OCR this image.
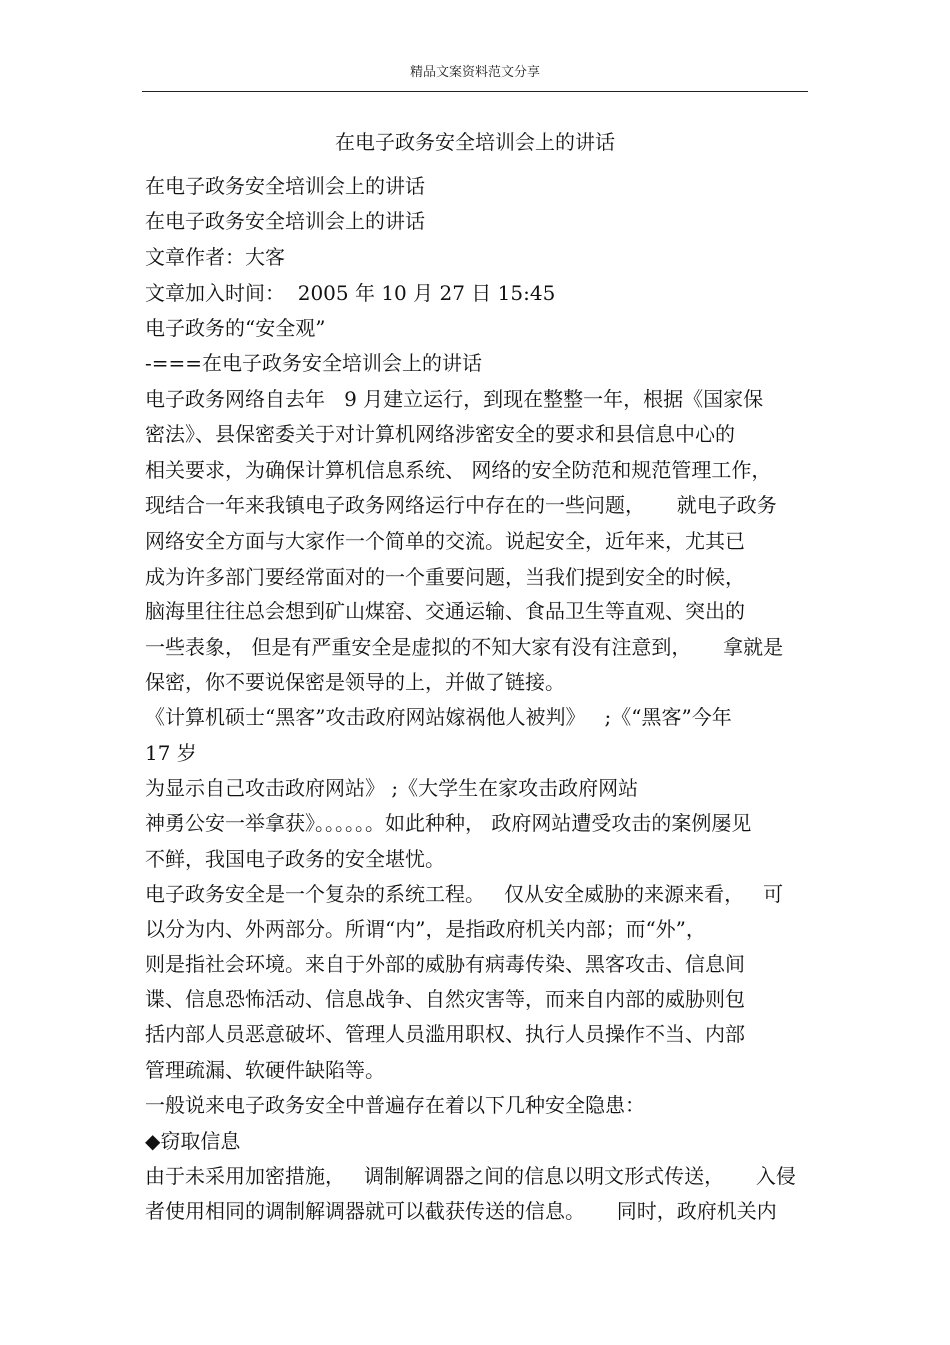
精品文案资料范文分享
在电子政务安全培训会上的讲话
在电子政务安全培训会上的讲话
在电子政务安全培训会上的讲话
文章作者：大客
文章加入时间：  2005 年 10 月 27 日 15:45
电子政务的“安全观”
-===在电子政务安全培训会上的讲话
电子政务网络自去年   9 月建立运行，到现在整整一年，根据《国家保
密法》、县保密委关于对计算机网络涉密安全的要求和县信息中心的
相关要求，为确保计算机信息系统、 网络的安全防范和规范管理工作，
现结合一年来我镇电子政务网络运行中存在的一些问题，     就电子政务
网络安全方面与大家作一个简单的交流。说起安全，近年来，尤其已
成为许多部门要经常面对的一个重要问题，当我们提到安全的时候，
脑海里往往总会想到矿山煤窑、交通运输、食品卫生等直观、突出的
一些表象， 但是有严重安全是虚拟的不知大家有没有注意到，     拿就是
保密，你不要说保密是领导的上，并做了链接。
《计算机硕士“黑客”攻击政府网站嫁祸他人被判》   ;《“黑客”今年
17 岁
为显示自己攻击政府网站》 ;《大学生在家攻击政府网站
神勇公安一举拿获》。。。。。。如此种种， 政府网站遭受攻击的案例屡见
不鲜，我国电子政务的安全堪忧。
电子政务安全是一个复杂的系统工程。   仅从安全威胁的来源来看，   可
以分为内、外两部分。所谓“内”，是指政府机关内部；而“外”，
则是指社会环境。来自于外部的威胁有病毒传染、黑客攻击、信息间
谍、信息恐怖活动、信息战争、自然灾害等，而来自内部的威胁则包
括内部人员恶意破坏、管理人员滥用职权、执行人员操作不当、内部
管理疏漏、软硬件缺陷等。
一般说来电子政务安全中普遍存在着以下几种安全隐患：
◆窃取信息
由于未采用加密措施，   调制解调器之间的信息以明文形式传送，     入侵
者使用相同的调制解调器就可以截获传送的信息。     同时，政府机关内
